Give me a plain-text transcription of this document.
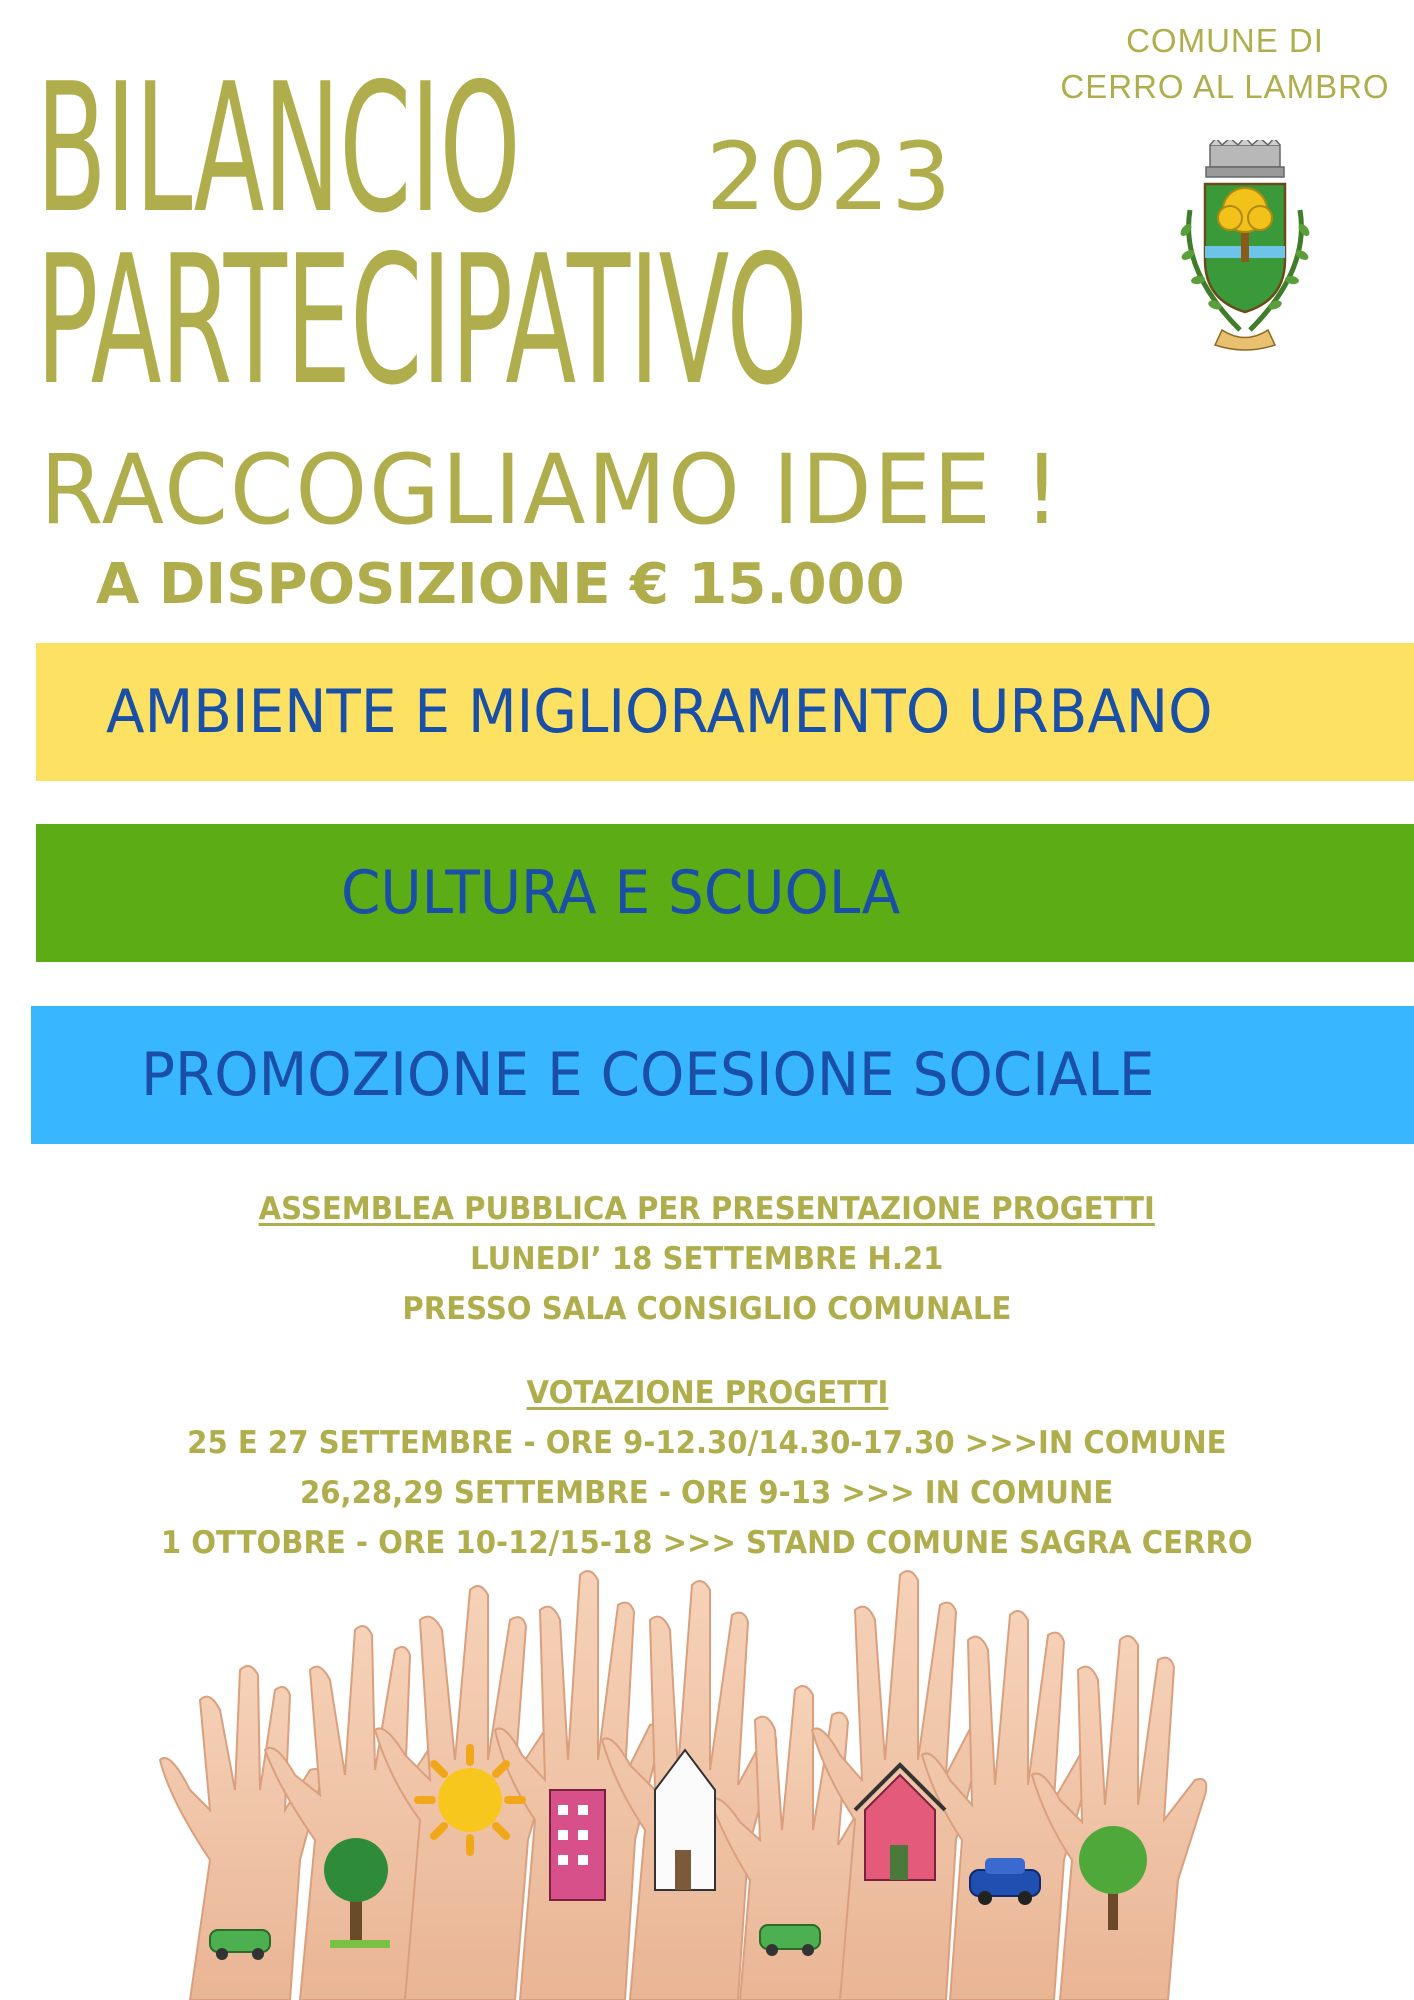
COMUNE DI
CERRO AL LAMBRO
BILANCIO 2023
PARTECIPATIVO
RACCOGLIAMO IDEE !
A DISPOSIZIONE € 15.000
AMBIENTE E MIGLIORAMENTO URBANO
CULTURA E SCUOLA
PROMOZIONE E COESIONE SOCIALE
ASSEMBLEA PUBBLICA PER PRESENTAZIONE PROGETTI
LUNEDI’ 18 SETTEMBRE H.21
PRESSO SALA CONSIGLIO COMUNALE
VOTAZIONE PROGETTI
25 E 27 SETTEMBRE - ORE 9-12.30/14.30-17.30 >>>IN COMUNE
26,28,29 SETTEMBRE - ORE 9-13 >>> IN COMUNE
1 OTTOBRE - ORE 10-12/15-18 >>> STAND COMUNE SAGRA CERRO
